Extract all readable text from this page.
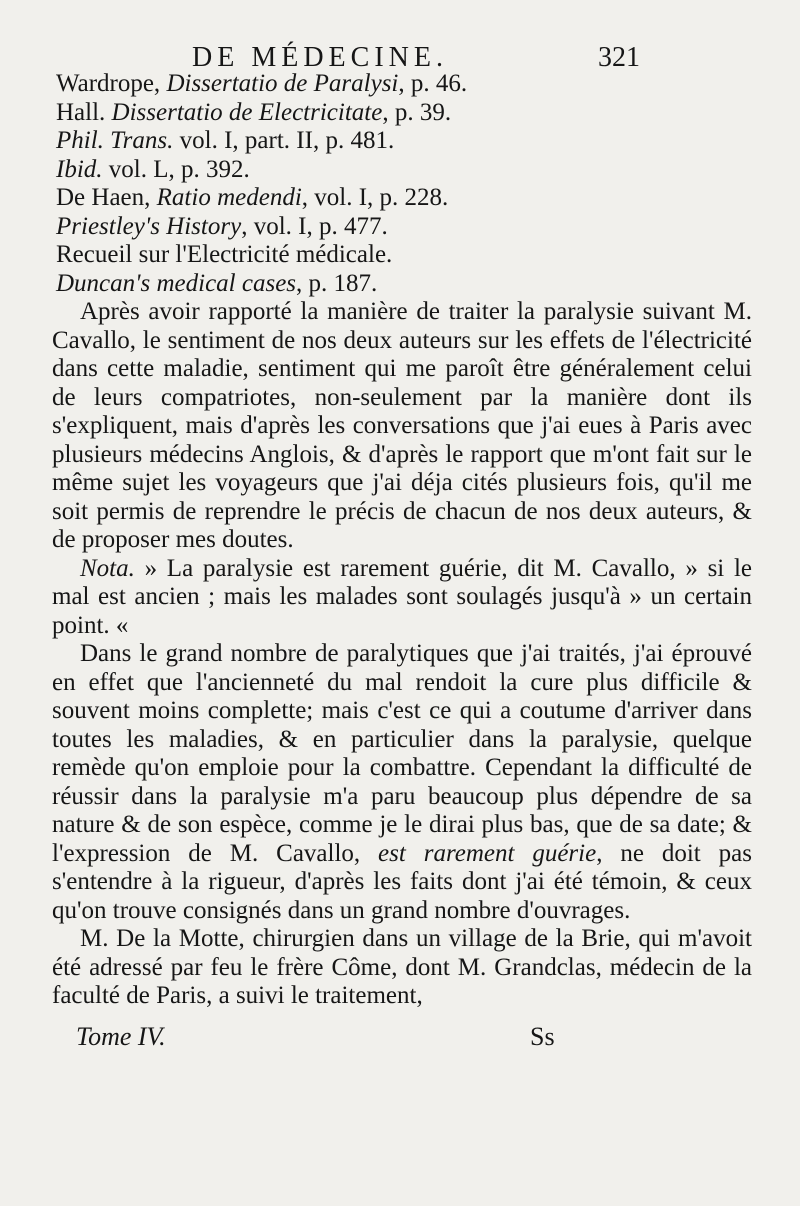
DE MÉDECINE.	321
Wardrope, Dissertatio de Paralysi, p. 46.
Hall. Dissertatio de Electricitate, p. 39.
Phil. Trans. vol. I, part. II, p. 481.
Ibid. vol. L, p. 392.
De Haen, Ratio medendi, vol. I, p. 228.
Priestley's History, vol. I, p. 477.
Recueil sur l'Electricité médicale.
Duncan's medical cases, p. 187.

Après avoir rapporté la manière de traiter la paralysie suivant M. Cavallo, le sentiment de nos deux auteurs sur les effets de l'électricité dans cette maladie, sentiment qui me paroît être généralement celui de leurs compatriotes, non-seulement par la manière dont ils s'expliquent, mais d'après les conversations que j'ai eues à Paris avec plusieurs médecins Anglois, & d'après le rapport que m'ont fait sur le même sujet les voyageurs que j'ai déja cités plusieurs fois, qu'il me soit permis de reprendre le précis de chacun de nos deux auteurs, & de proposer mes doutes.

Nota. » La paralysie est rarement guérie, dit M. Cavallo, » si le mal est ancien ; mais les malades sont soulagés jusqu'à » un certain point. «

Dans le grand nombre de paralytiques que j'ai traités, j'ai éprouvé en effet que l'ancienneté du mal rendoit la cure plus difficile & souvent moins complette; mais c'est ce qui a coutume d'arriver dans toutes les maladies, & en particulier dans la paralysie, quelque remède qu'on emploie pour la combattre. Cependant la difficulté de réussir dans la paralysie m'a paru beaucoup plus dépendre de sa nature & de son espèce, comme je le dirai plus bas, que de sa date; & l'expression de M. Cavallo, est rarement guérie, ne doit pas s'entendre à la rigueur, d'après les faits dont j'ai été témoin, & ceux qu'on trouve consignés dans un grand nombre d'ouvrages.

M. De la Motte, chirurgien dans un village de la Brie, qui m'avoit été adressé par feu le frère Côme, dont M. Grandclas, médecin de la faculté de Paris, a suivi le traitement,

Tome IV.	Ss
